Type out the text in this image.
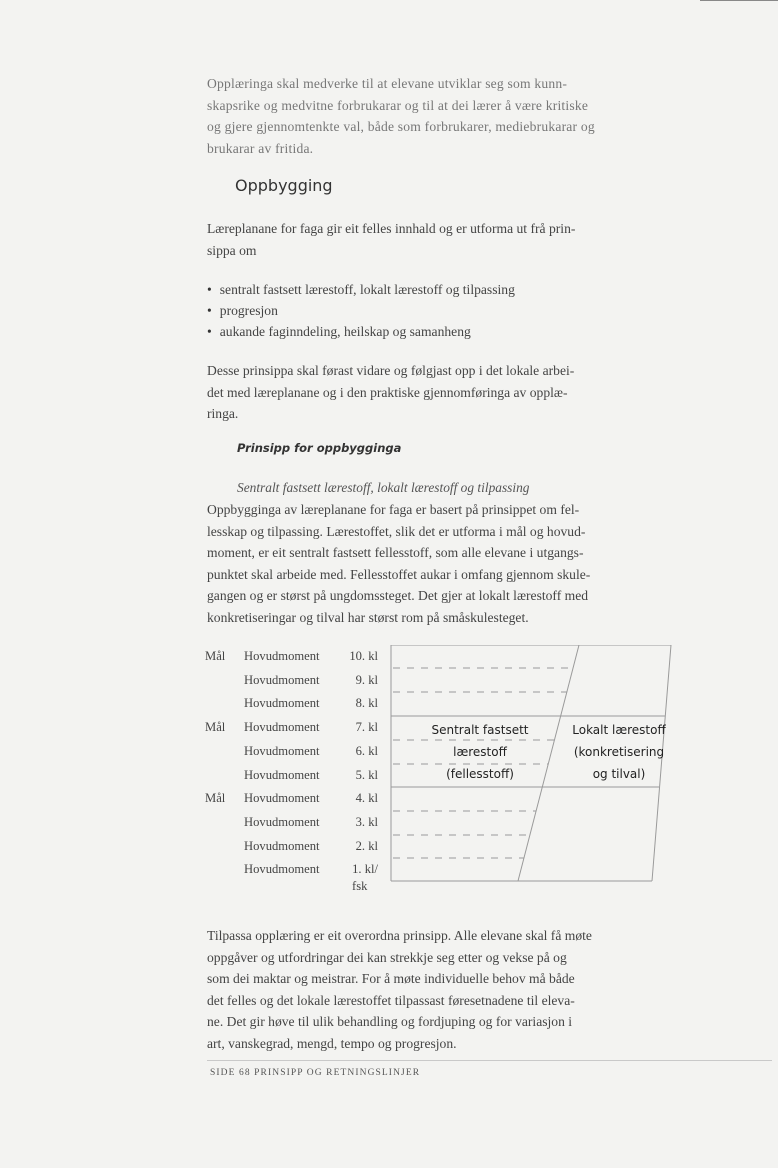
Opplæringa skal medverke til at elevane utviklar seg som kunn-
skapsrike og medvitne forbrukarar og til at dei lærer å være kritiske
og gjere gjennomtenkte val, både som forbrukarer, mediebrukarar og
brukarar av fritida.

Oppbygging

Læreplanane for faga gir eit felles innhald og er utforma ut frå prin-
sippa om

• sentralt fastsett lærestoff, lokalt lærestoff og tilpassing
• progresjon
• aukande faginndeling, heilskap og samanheng

Desse prinsippa skal førast vidare og følgjast opp i det lokale arbei-
det med læreplanane og i den praktiske gjennomføringa av opplæ-
ringa.

Prinsipp for oppbygginga
Sentralt fastsett lærestoff, lokalt lærestoff og tilpassing

Oppbygginga av læreplanane for faga er basert på prinsippet om fel-
lesskap og tilpassing. Lærestoffet, slik det er utforma i mål og hovud-
moment, er eit sentralt fastsett fellesstoff, som alle elevane i utgangs-
punktet skal arbeide med. Fellesstoffet aukar i omfang gjennom skule-
gangen og er størst på ungdomssteget. Det gjer at lokalt lærestoff med
konkretiseringar og tilval har størst rom på småskulesteget.

Mål Hovudmoment	10. kl
Hovudmoment	9. kl
Hovudmoment	8. kl
Mål Hovudmoment	7. kl
Hovudmoment	6. kl
Hovudmoment	5. kl
Mål Hovudmoment	4. kl
Hovudmoment	3. kl
Hovudmoment	2. kl
Hovudmoment	1. kl/
fsk
Sentralt fastsett
lærestoff
(fellesstoff)
Lokalt lærestoff
(konkretisering
og tilval)

Tilpassa opplæring er eit overordna prinsipp. Alle elevane skal få møte
oppgåver og utfordringar dei kan strekkje seg etter og vekse på og
som dei maktar og meistrar. For å møte individuelle behov må både
det felles og det lokale lærestoffet tilpassast føresetnadene til eleva-
ne. Det gir høve til ulik behandling og fordjuping og for variasjon i
art, vanskegrad, mengd, tempo og progresjon.

SIDE 68 PRINSIPP OG RETNINGSLINJER
